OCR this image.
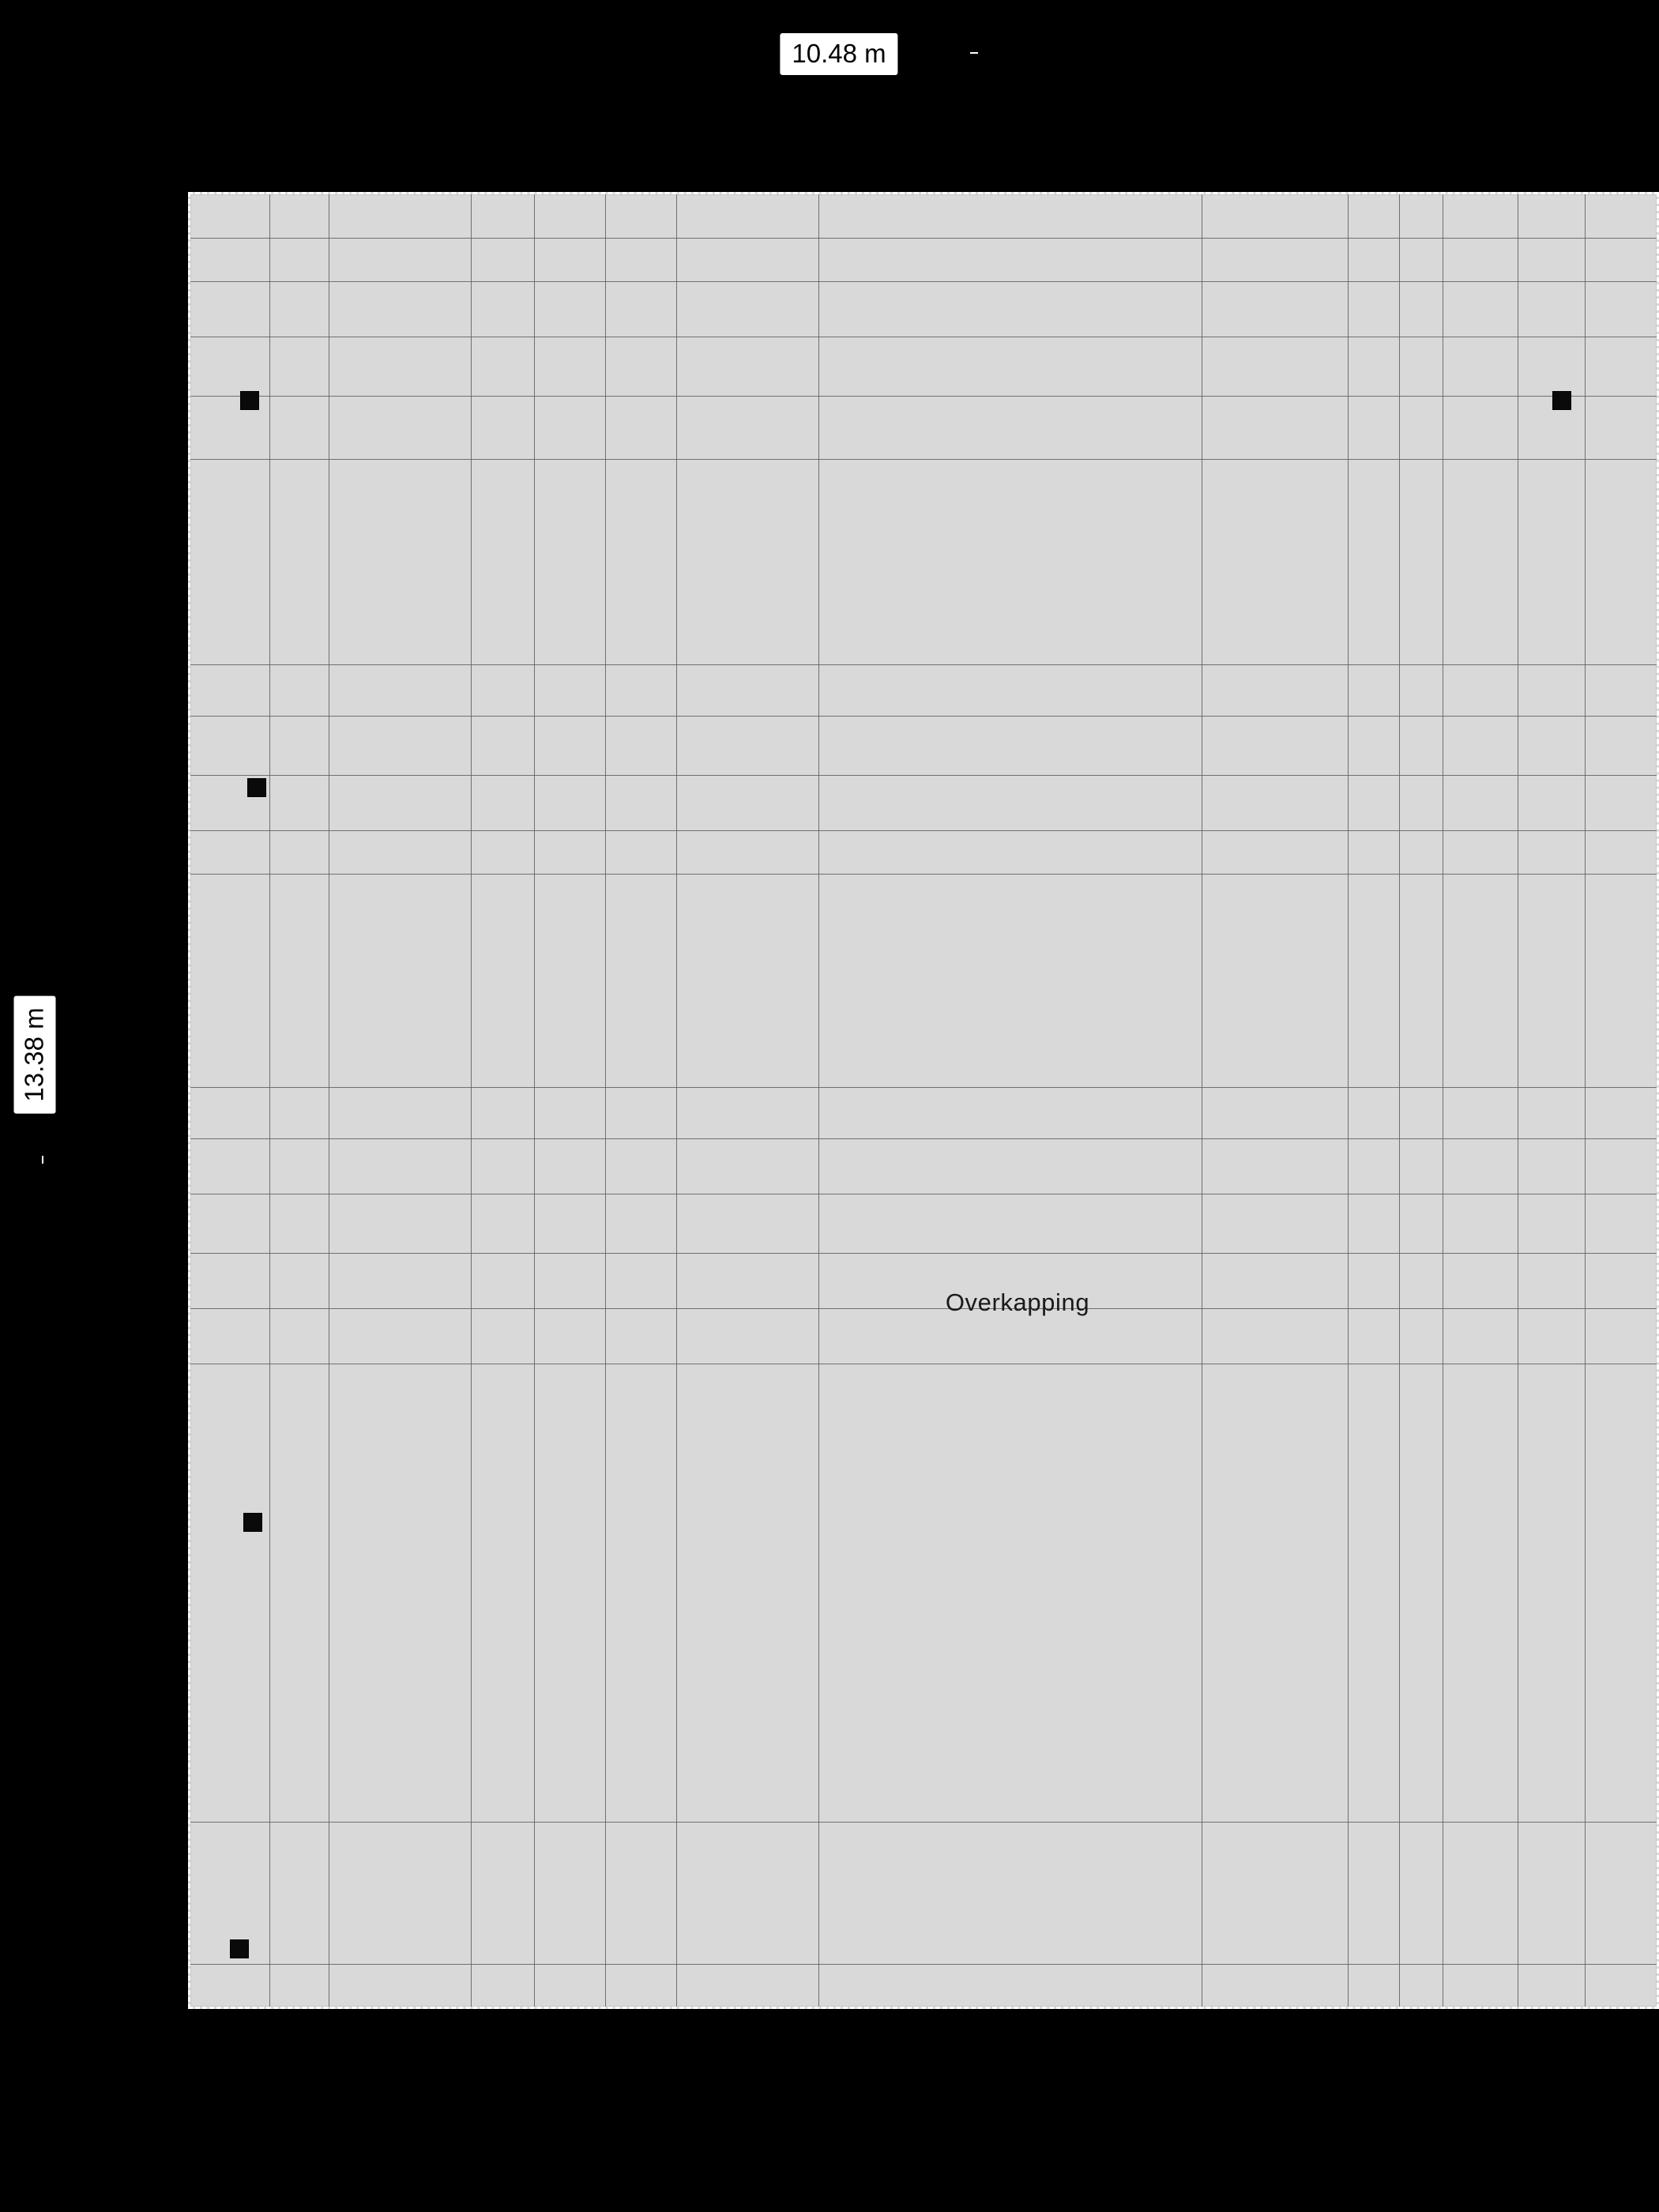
10.48 m
13.38 m
Overkapping
